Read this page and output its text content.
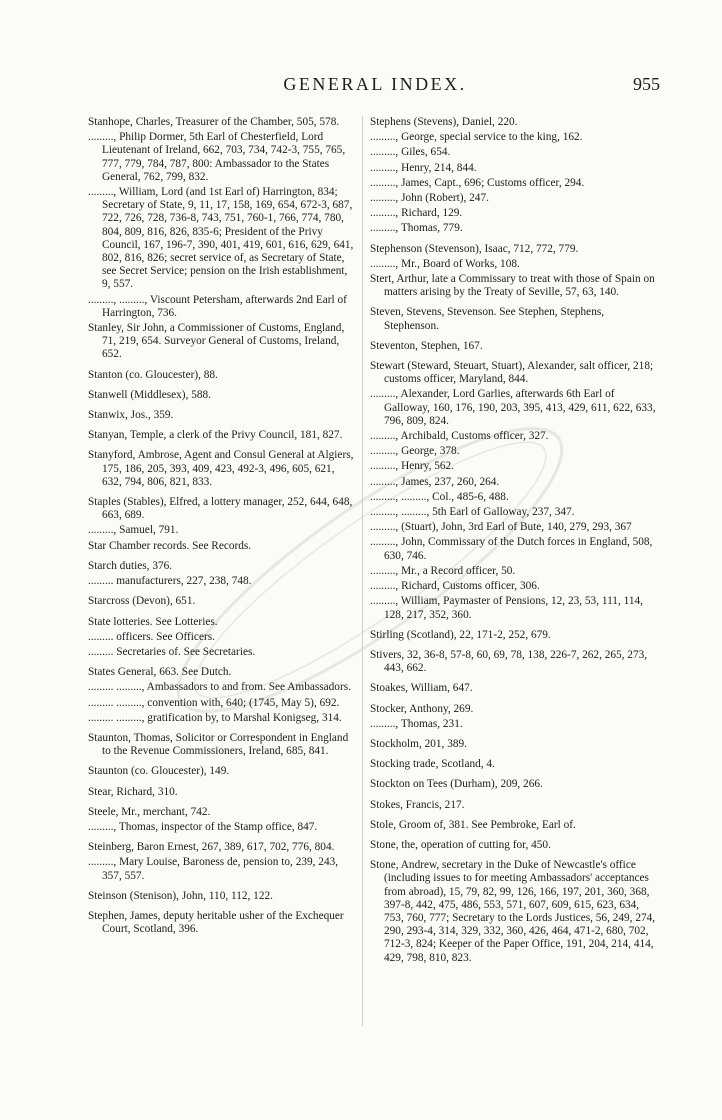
GENERAL INDEX.	955
Stanhope, Charles, Treasurer of the Chamber, 505, 578.
........., Philip Dormer, 5th Earl of Chesterfield, Lord Lieutenant of Ireland, 662, 703, 734, 742-3, 755, 765, 777, 779, 784, 787, 800: Ambassador to the States General, 762, 799, 832.
........., William, Lord (and 1st Earl of) Harrington, 834; Secretary of State, 9, 11, 17, 158, 169, 654, 672-3, 687, 722, 726, 728, 736-8, 743, 751, 760-1, 766, 774, 780, 804, 809, 816, 826, 835-6; President of the Privy Council, 167, 196-7, 390, 401, 419, 601, 616, 629, 641, 802, 816, 826; secret service of, as Secretary of State, see Secret Service; pension on the Irish establishment, 9, 557.
........., ........., Viscount Petersham, afterwards 2nd Earl of Harrington, 736.
Stanley, Sir John, a Commissioner of Customs, England, 71, 219, 654. Surveyor General of Customs, Ireland, 652.
Stanton (co. Gloucester), 88.
Stanwell (Middlesex), 588.
Stanwix, Jos., 359.
Stanyan, Temple, a clerk of the Privy Council, 181, 827.
Stanyford, Ambrose, Agent and Consul General at Algiers, 175, 186, 205, 393, 409, 423, 492-3, 496, 605, 621, 632, 794, 806, 821, 833.
Staples (Stables), Elfred, a lottery manager, 252, 644, 648, 663, 689.
........., Samuel, 791.
Star Chamber records. See Records.
Starch duties, 376.
......... manufacturers, 227, 238, 748.
Starcross (Devon), 651.
State lotteries. See Lotteries.
......... officers. See Officers.
......... Secretaries of. See Secretaries.
States General, 663. See Dutch.
......... ........., Ambassadors to and from. See Ambassadors.
......... ........., convention with, 640; (1745, May 5), 692.
......... ........., gratification by, to Marshal Konigseg, 314.
Staunton, Thomas, Solicitor or Correspondent in England to the Revenue Commissioners, Ireland, 685, 841.
Staunton (co. Gloucester), 149.
Stear, Richard, 310.
Steele, Mr., merchant, 742.
........., Thomas, inspector of the Stamp office, 847.
Steinberg, Baron Ernest, 267, 389, 617, 702, 776, 804.
........., Mary Louise, Baroness de, pension to, 239, 243, 357, 557.
Steinson (Stenison), John, 110, 112, 122.
Stephen, James, deputy heritable usher of the Exchequer Court, Scotland, 396.
Stephens (Stevens), Daniel, 220.
........., George, special service to the king, 162.
........., Giles, 654.
........., Henry, 214, 844.
........., James, Capt., 696; Customs officer, 294.
........., John (Robert), 247.
........., Richard, 129.
........., Thomas, 779.
Stephenson (Stevenson), Isaac, 712, 772, 779.
........., Mr., Board of Works, 108.
Stert, Arthur, late a Commissary to treat with those of Spain on matters arising by the Treaty of Seville, 57, 63, 140.
Steven, Stevens, Stevenson. See Stephen, Stephens, Stephenson.
Steventon, Stephen, 167.
Stewart (Steward, Steuart, Stuart), Alexander, salt officer, 218; customs officer, Maryland, 844.
........., Alexander, Lord Garlies, afterwards 6th Earl of Galloway, 160, 176, 190, 203, 395, 413, 429, 611, 622, 633, 796, 809, 824.
........., Archibald, Customs officer, 327.
........., George, 378.
........., Henry, 562.
........., James, 237, 260, 264.
........., ........., Col., 485-6, 488.
........., ........., 5th Earl of Galloway, 237, 347.
........., (Stuart), John, 3rd Earl of Bute, 140, 279, 293, 367
........., John, Commissary of the Dutch forces in England, 508, 630, 746.
........., Mr., a Record officer, 50.
........., Richard, Customs officer, 306.
........., William, Paymaster of Pensions, 12, 23, 53, 111, 114, 128, 217, 352, 360.
Stirling (Scotland), 22, 171-2, 252, 679.
Stivers, 32, 36-8, 57-8, 60, 69, 78, 138, 226-7, 262, 265, 273, 443, 662.
Stoakes, William, 647.
Stocker, Anthony, 269.
........., Thomas, 231.
Stockholm, 201, 389.
Stocking trade, Scotland, 4.
Stockton on Tees (Durham), 209, 266.
Stokes, Francis, 217.
Stole, Groom of, 381. See Pembroke, Earl of.
Stone, the, operation of cutting for, 450.
Stone, Andrew, secretary in the Duke of Newcastle's office (including issues to for meeting Ambassadors' acceptances from abroad), 15, 79, 82, 99, 126, 166, 197, 201, 360, 368, 397-8, 442, 475, 486, 553, 571, 607, 609, 615, 623, 634, 753, 760, 777; Secretary to the Lords Justices, 56, 249, 274, 290, 293-4, 314, 329, 332, 360, 426, 464, 471-2, 680, 702, 712-3, 824; Keeper of the Paper Office, 191, 204, 214, 414, 429, 798, 810, 823.
